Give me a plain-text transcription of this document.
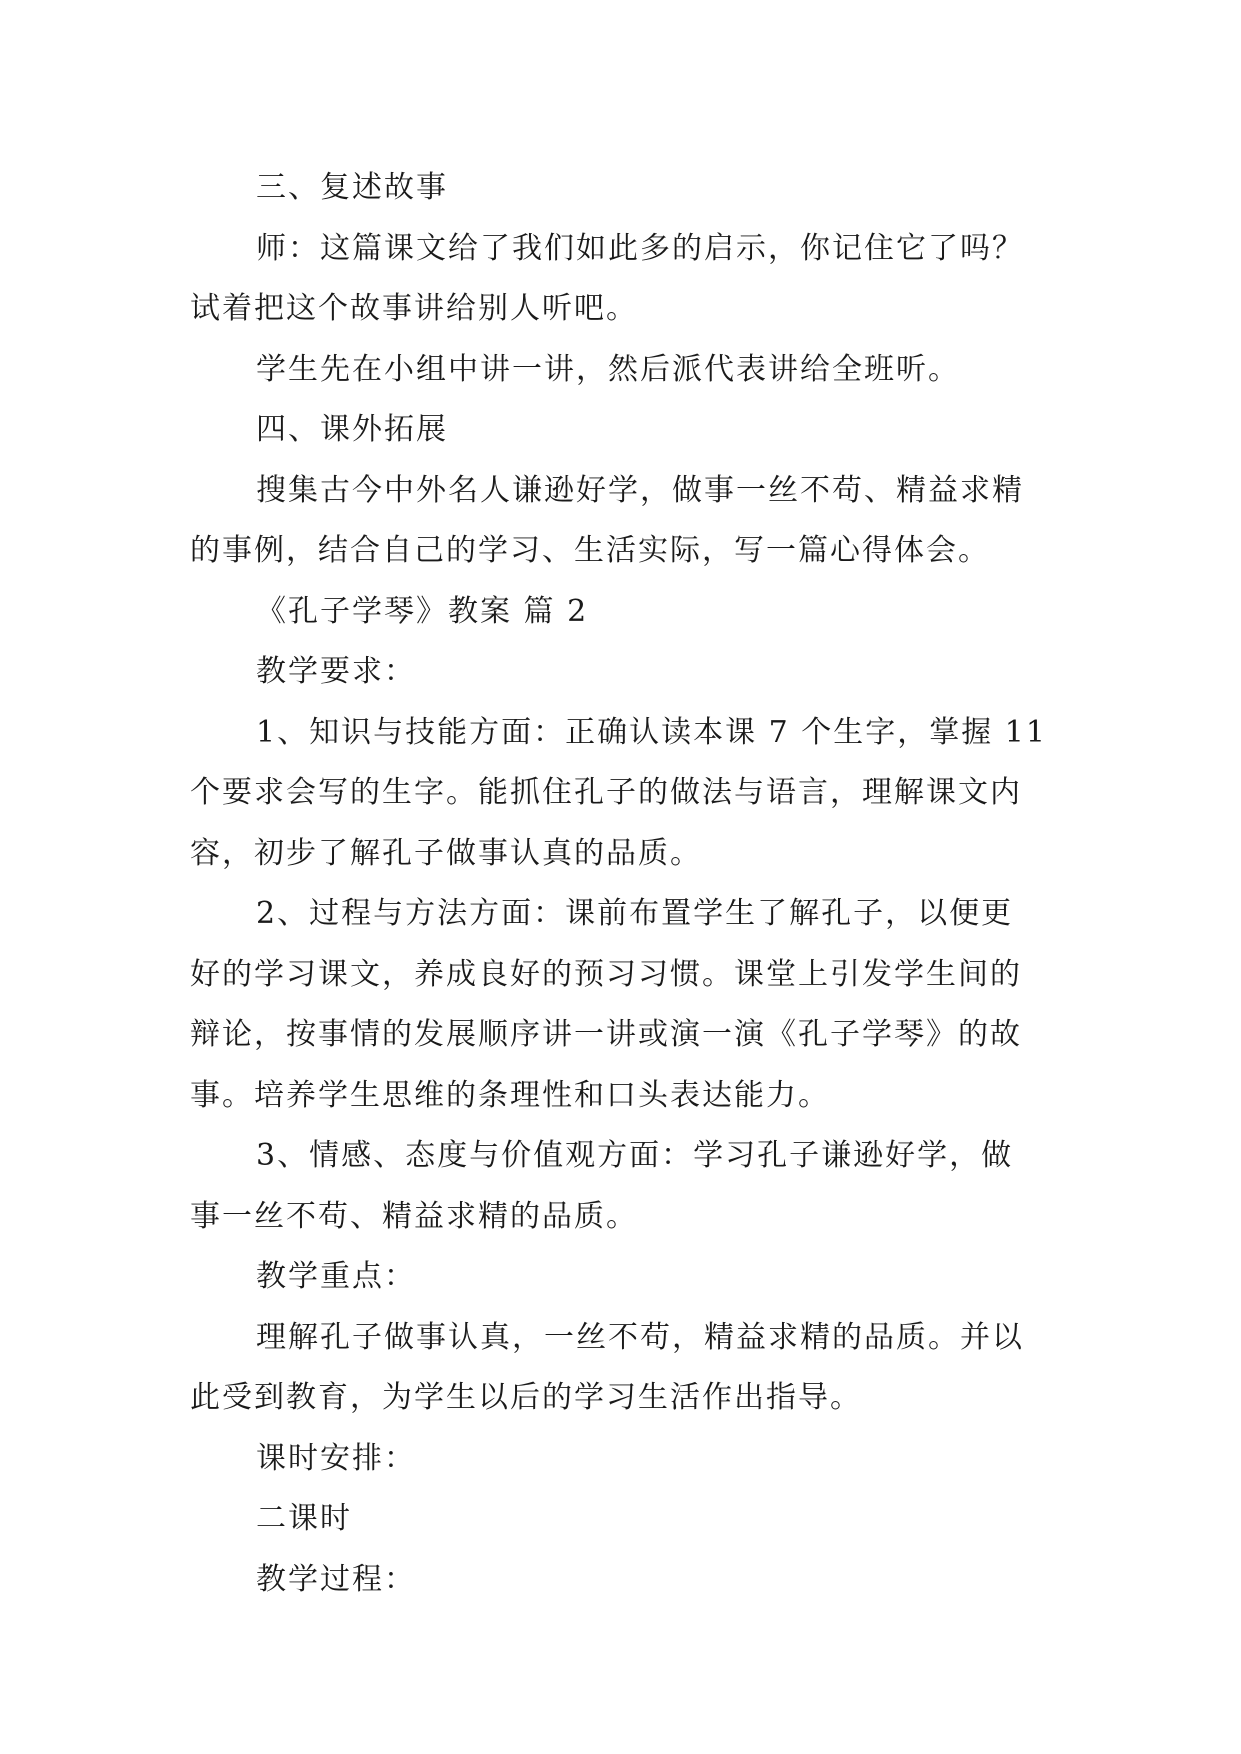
三、复述故事

师：这篇课文给了我们如此多的启示，你记住它了吗？

试着把这个故事讲给别人听吧。

学生先在小组中讲一讲，然后派代表讲给全班听。

四、课外拓展

搜集古今中外名人谦逊好学，做事一丝不苟、精益求精

的事例，结合自己的学习、生活实际，写一篇心得体会。

《孔子学琴》教案 篇 2

教学要求：

1、知识与技能方面：正确认读本课 7 个生字，掌握 11

个要求会写的生字。能抓住孔子的做法与语言，理解课文内

容，初步了解孔子做事认真的品质。

2、过程与方法方面：课前布置学生了解孔子，以便更

好的学习课文，养成良好的预习习惯。课堂上引发学生间的

辩论，按事情的发展顺序讲一讲或演一演《孔子学琴》的故

事。培养学生思维的条理性和口头表达能力。

3、情感、态度与价值观方面：学习孔子谦逊好学，做

事一丝不苟、精益求精的品质。

教学重点：

理解孔子做事认真，一丝不苟，精益求精的品质。并以

此受到教育，为学生以后的学习生活作出指导。

课时安排：

二课时

教学过程：
